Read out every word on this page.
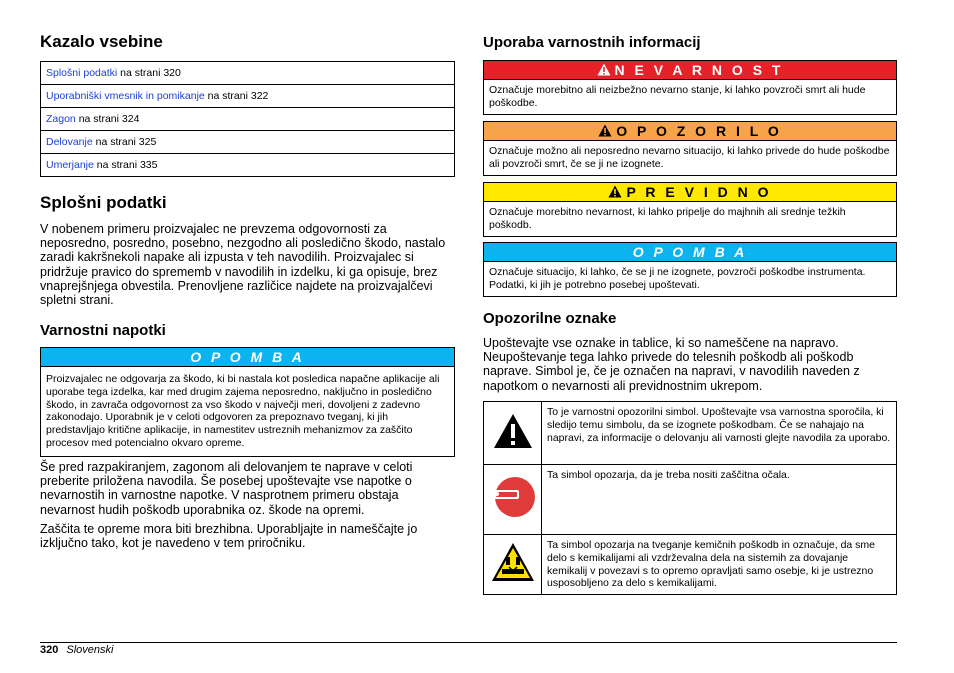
Kazalo vsebine
Splošni podatki na strani 320
Uporabniški vmesnik in pomikanje na strani 322
Zagon na strani 324
Delovanje na strani 325
Umerjanje na strani 335
Splošni podatki

V nobenem primeru proizvajalec ne prevzema odgovornosti za neposredno, posredno, posebno, nezgodno ali posledično škodo, nastalo zaradi kakršnekoli napake ali izpusta v teh navodilih. Proizvajalec si pridržuje pravico do sprememb v navodilih in izdelku, ki ga opisuje, brez vnaprejšnjega obvestila. Prenovljene različice najdete na proizvajalčevi spletni strani.

Varnostni napotki
O P O M B A
Proizvajalec ne odgovarja za škodo, ki bi nastala kot posledica napačne aplikacije ali uporabe tega izdelka, kar med drugim zajema neposredno, naključno in posledično škodo, in zavrača odgovornost za vso škodo v največji meri, dovoljeni z zadevno zakonodajo. Uporabnik je v celoti odgovoren za prepoznavo tveganj, ki jih predstavljajo kritične aplikacije, in namestitev ustreznih mehanizmov za zaščito procesov med potencialno okvaro opreme.

Še pred razpakiranjem, zagonom ali delovanjem te naprave v celoti preberite priložena navodila. Še posebej upoštevajte vse napotke o nevarnostih in varnostne napotke. V nasprotnem primeru obstaja nevarnost hudih poškodb uporabnika oz. škode na opremi.

Zaščita te opreme mora biti brezhibna. Uporabljajte in nameščajte jo izključno tako, kot je navedeno v tem priročniku.

Uporaba varnostnih informacij
N E V A R N O S T
Označuje morebitno ali neizbežno nevarno stanje, ki lahko povzroči smrt ali hude poškodbe.
O P O Z O R I L O
Označuje možno ali neposredno nevarno situacijo, ki lahko privede do hude poškodbe ali povzroči smrt, če se ji ne izognete.
P R E V I D N O
Označuje morebitno nevarnost, ki lahko pripelje do majhnih ali srednje težkih poškodb.
O P O M B A
Označuje situacijo, ki lahko, če se ji ne izognete, povzroči poškodbe instrumenta. Podatki, ki jih je potrebno posebej upoštevati.
Opozorilne oznake

Upoštevajte vse oznake in tablice, ki so nameščene na napravo. Neupoštevanje tega lahko privede do telesnih poškodb ali poškodb naprave. Simbol je, če je označen na napravi, v navodilih naveden z napotkom o nevarnosti ali previdnostnim ukrepom.

	To je varnostni opozorilni simbol. Upoštevajte vsa varnostna sporočila, ki sledijo temu simbolu, da se izognete poškodbam. Če se nahajajo na napravi, za informacije o delovanju ali varnosti glejte navodila za uporabo.
	Ta simbol opozarja, da je treba nositi zaščitna očala.
	Ta simbol opozarja na tveganje kemičnih poškodb in označuje, da sme delo s kemikalijami ali vzdrževalna dela na sistemih za dovajanje kemikalij v povezavi s to opremo opravljati samo osebje, ki je ustrezno usposobljeno za delo s kemikalijami.
320 Slovenski
